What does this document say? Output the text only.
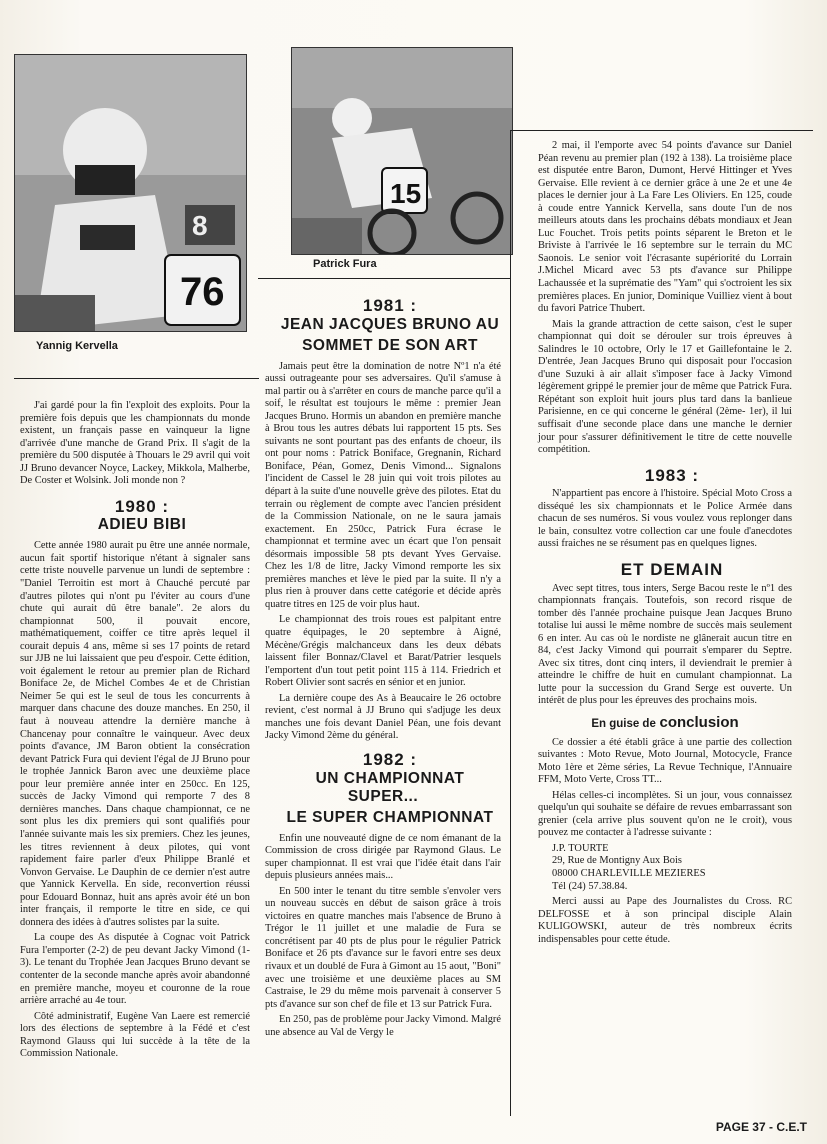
76
8
Yannig Kervella
15
Patrick Fura

J'ai gardé pour la fin l'exploit des exploits. Pour la première fois depuis que les championnats du monde existent, un français passe en vainqueur la ligne d'arrivée d'une manche de Grand Prix. Il s'agit de la première du 500 disputée à Thouars le 29 avril qui voit JJ Bruno devancer Noyce, Lackey, Mikkola, Malherbe, De Coster et Wolsink. Joli monde non ?

1980 :

ADIEU BIBI

Cette année 1980 aurait pu être une année normale, aucun fait sportif historique n'étant à signaler sans cette triste nouvelle parvenue un lundi de septembre : "Daniel Terroitin est mort à Chauché percuté par d'autres pilotes qui n'ont pu l'éviter au cours d'une chute qui aurait dû être banale". 2e alors du championnat 500, il pouvait encore, mathématiquement, coiffer ce titre après lequel il courait depuis 4 ans, même si ses 17 points de retard sur JJB ne lui laissaient que peu d'espoir. Cette édition, voit également le retour au premier plan de Richard Boniface 2e, de Michel Combes 4e et de Christian Neimer 5e qui est le seul de tous les concurrents à marquer dans chacune des douze manches. En 250, il faut à nouveau attendre la dernière manche à Chancenay pour connaître le vainqueur. Avec deux points d'avance, JM Baron obtient la consécration devant Patrick Fura qui devient l'égal de JJ Bruno pour le trophée Jannick Baron avec une deuxième place pour leur première année inter en 250cc. En 125, succès de Jacky Vimond qui remporte 7 des 8 dernières manches. Dans chaque championnat, ce ne sont plus les dix premiers qui sont qualifiés pour l'année suivante mais les six premiers. Chez les jeunes, les titres reviennent à deux pilotes, qui vont rapidement faire parler d'eux Philippe Branlé et Vonvon Gervaise. Le Dauphin de ce dernier n'est autre que Yannick Kervella. En side, reconvertion réussi pour Edouard Bonnaz, huit ans après avoir été un bon inter français, il remporte le titre en side, ce qui donnera des idées à d'autres solistes par la suite.

La coupe des As disputée à Cognac voit Patrick Fura l'emporter (2-2) de peu devant Jacky Vimond (1-3). Le tenant du Trophée Jean Jacques Bruno devant se contenter de la seconde manche après avoir abandonné en première manche, moyeu et couronne de la roue arrière arraché au 4e tour.

Côté administratif, Eugène Van Laere est remercié lors des élections de septembre à la Fédé et c'est Raymond Glauss qui lui succède à la tête de la Commission Nationale.

1981 :

JEAN JACQUES BRUNO AU

SOMMET DE SON ART

Jamais peut être la domination de notre Nº1 n'a été aussi outrageante pour ses adversaires. Qu'il s'amuse à mal partir ou à s'arrêter en cours de manche parce qu'il a soif, le résultat est toujours le même : premier Jean Jacques Bruno. Hormis un abandon en première manche à Brou tous les autres débats lui rapportent 15 pts. Ses suivants ne sont pourtant pas des enfants de choeur, ils ont pour noms : Patrick Boniface, Gregnanin, Richard Boniface, Péan, Gomez, Denis Vimond... Signalons l'incident de Cassel le 28 juin qui voit trois pilotes au départ à la suite d'une nouvelle grève des pilotes. Etat du terrain ou règlement de compte avec l'ancien président de la Commission Nationale, on ne le saura jamais exactement. En 250cc, Patrick Fura écrase le championnat et termine avec un écart que l'on pensait désormais impossible 58 pts devant Yves Gervaise. Chez les 1/8 de litre, Jacky Vimond remporte les six premières manches et lève le pied par la suite. Il n'y a plus rien à prouver dans cette catégorie et décide après quatre titres en 125 de voir plus haut.

Le championnat des trois roues est palpitant entre quatre équipages, le 20 septembre à Aigné, Mécène/Grégis malchanceux dans les deux débats laissent filer Bonnaz/Clavel et Barat/Patrier lesquels l'emportent d'un tout petit point 115 à 114. Friedrich et Robert Olivier sont sacrés en sénior et en junior.

La dernière coupe des As à Beaucaire le 26 octobre revient, c'est normal à JJ Bruno qui s'adjuge les deux manches une fois devant Daniel Péan, une fois devant Jacky Vimond 2ème du général.

1982 :

UN CHAMPIONNAT SUPER...

LE SUPER CHAMPIONNAT

Enfin une nouveauté digne de ce nom émanant de la Commission de cross dirigée par Raymond Glaus. Le super championnat. Il est vrai que l'idée était dans l'air depuis plusieurs années mais...

En 500 inter le tenant du titre semble s'envoler vers un nouveau succès en début de saison grâce à trois victoires en quatre manches mais l'absence de Bruno à Trégor le 11 juillet et une maladie de Fura se concrétisent par 40 pts de plus pour le régulier Patrick Boniface et 26 pts d'avance sur le favori entre ses deux rivaux et un doublé de Fura à Gimont au 15 aout, "Boni" avec une troisième et une deuxième places au SM Castraise, le 29 du même mois parvenait à conserver 5 pts d'avance sur son chef de file et 13 sur Patrick Fura.

En 250, pas de problème pour Jacky Vimond. Malgré une absence au Val de Vergy le

2 mai, il l'emporte avec 54 points d'avance sur Daniel Péan revenu au premier plan (192 à 138). La troisième place est disputée entre Baron, Dumont, Hervé Hittinger et Yves Gervaise. Elle revient à ce dernier grâce à une 2e et une 4e places le dernier jour à La Fare Les Oliviers. En 125, coude à coude entre Yannick Kervella, sans doute l'un de nos meilleurs atouts dans les prochains débats mondiaux et Jean Luc Fouchet. Trois petits points séparent le Breton et le Briviste à l'arrivée le 16 septembre sur le terrain du MC Saonois. Le senior voit l'écrasante supériorité du Lorrain J.Michel Micard avec 53 pts d'avance sur Philippe Lachaussée et la suprématie des "Yam" qui s'octroient les six premières places. En junior, Dominique Vuilliez vient à bout du favori Patrice Thubert.

Mais la grande attraction de cette saison, c'est le super championnat qui doit se dérouler sur trois épreuves à Salindres le 10 octobre, Orly le 17 et Gaillefontaine le 2. D'entrée, Jean Jacques Bruno qui disposait pour l'occasion d'une Suzuki à air allait s'imposer face à Jacky Vimond légèrement grippé le premier jour de même que Patrick Fura. Répétant son exploit huit jours plus tard dans la banlieue Parisienne, en ce qui concerne le général (2ème- 1er), il lui suffisait d'une seconde place dans une manche le dernier jour pour s'assurer définitivement le titre de cette nouvelle compétition.

1983 :

N'appartient pas encore à l'histoire. Spécial Moto Cross a disséqué les six championnats et le Police Armée dans chacun de ses numéros. Si vous voulez vous replonger dans le bain, consultez votre collection car une foule d'anecdotes aussi fraiches ne se résument pas en quelques lignes.

ET DEMAIN

Avec sept titres, tous inters, Serge Bacou reste le nº1 des championnats français. Toutefois, son record risque de tomber dès l'année prochaine puisque Jean Jacques Bruno totalise lui aussi le même nombre de succès mais seulement 6 en inter. Au cas où le nordiste ne glânerait aucun titre en 84, c'est Jacky Vimond qui pourrait s'emparer du Septre. Avec six titres, dont cinq inters, il deviendrait le premier à atteindre le chiffre de huit en cumulant championnat. La lutte pour la succession du Grand Serge est ouverte. Un intérêt de plus pour les épreuves des prochains mois.

En guise de conclusion

Ce dossier a été établi grâce à une partie des collection suivantes : Moto Revue, Moto Journal, Motocycle, France Moto 1ère et 2ème séries, La Revue Technique, l'Annuaire FFM, Moto Verte, Cross TT...

Hélas celles-ci incomplètes. Si un jour, vous connaissez quelqu'un qui souhaite se défaire de revues embarrassant son grenier (cela arrive plus souvent qu'on ne le croit), vous pouvez me contacter à l'adresse suivante :

J.P. TOURTE

29, Rue de Montigny Aux Bois

08000 CHARLEVILLE MEZIERES

Tél (24) 57.38.84.

Merci aussi au Pape des Journalistes du Cross. RC DELFOSSE et à son principal disciple Alain KULIGOWSKI, auteur de très nombreux écrits indispensables pour cette étude.

PAGE 37 - C.E.T
